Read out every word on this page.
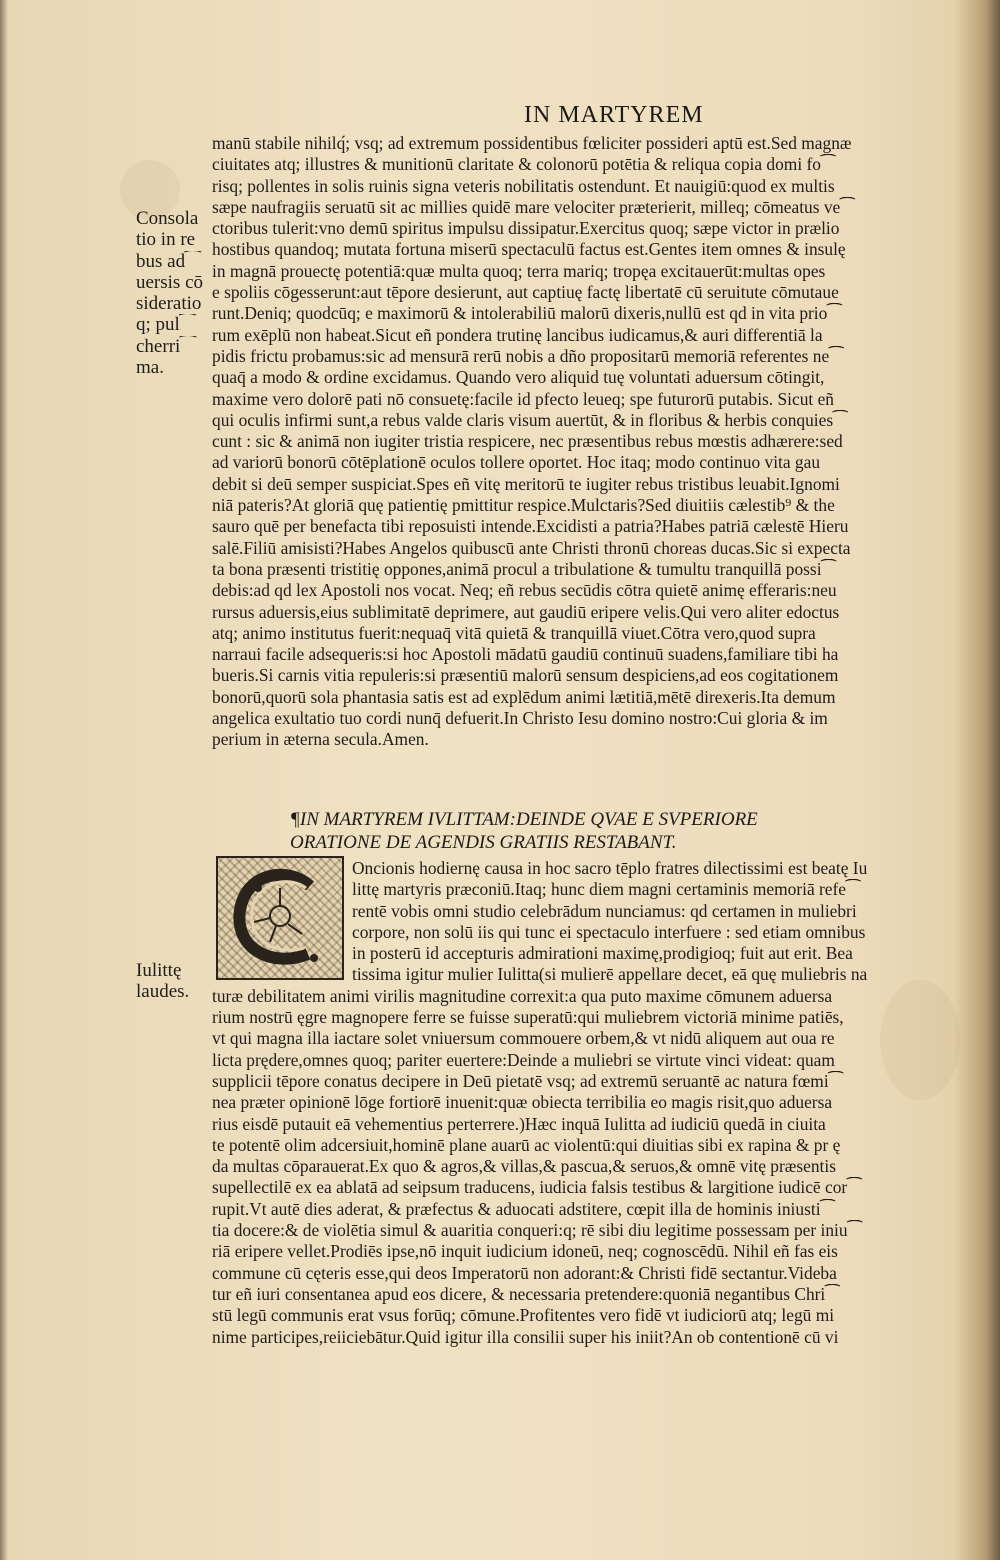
IN MARTYREM
manū stabile nihilq́; vsq; ad extremum possidentibus fœliciter possideri aptū est.Sed magnæ
ciuitates atq; illustres & munitionū claritate & colonorū potētia & reliqua copia domi fo⁀
risq; pollentes in solis ruinis signa veteris nobilitatis ostendunt. Et nauigiū:quod ex multis
sæpe naufragiis seruatū sit ac millies quidē mare velociter præterierit, milleq; cōmeatus ve⁀
ctoribus tulerit:vno demū spiritus impulsu dissipatur.Exercitus quoq; sæpe victor in prælio
hostibus quandoq; mutata fortuna miserū spectaculū factus est.Gentes item omnes & insulę
in magnā prouectę potentiā:quæ multa quoq; terra mariq; tropęa excitauerūt:multas opes
e spoliis cōgesserunt:aut tēpore desierunt, aut captiuę factę libertatē cū seruitute cōmutaue
runt.Deniq; quodcūq; e maximorū & intolerabiliū malorū dixeris,nullū est qd in vita prio⁀
rum exēplū non habeat.Sicut eñ pondera trutinę lancibus iudicamus,& auri differentiā la
pidis frictu probamus:sic ad mensurā rerū nobis a dño propositarū memoriā referentes ne⁀
quaq̄ a modo & ordine excidamus. Quando vero aliquid tuę voluntati aduersum cōtingit,
maxime vero dolorē pati nō consuetę:facile id pfecto leueq; spe futurorū putabis. Sicut eñ
qui oculis infirmi sunt,a rebus valde claris visum auertūt, & in floribus & herbis conquies⁀
cunt : sic & animā non iugiter tristia respicere, nec præsentibus rebus mœstis adhærere:sed
ad variorū bonorū cōtēplationē oculos tollere oportet. Hoc itaq; modo continuo vita gau
debit si deū semper suspiciat.Spes eñ vitę meritorū te iugiter rebus tristibus leuabit.Ignomi
niā pateris?At gloriā quę patientię pmittitur respice.Mulctaris?Sed diuitiis cælestib⁹ & the
sauro quē per benefacta tibi reposuisti intende.Excidisti a patria?Habes patriā cælestē Hieru
salē.Filiū amisisti?Habes Angelos quibuscū ante Christi thronū choreas ducas.Sic si expecta
ta bona præsenti tristitię oppones,animā procul a tribulatione & tumultu tranquillā possi⁀
debis:ad qd lex Apostoli nos vocat. Neq; eñ rebus secūdis cōtra quietē animę efferaris:neu
rursus aduersis,eius sublimitatē deprimere, aut gaudiū eripere velis.Qui vero aliter edoctus
atq; animo institutus fuerit:nequaq̄ vitā quietā & tranquillā viuet.Cōtra vero,quod supra
narraui facile adsequeris:si hoc Apostoli mādatū gaudiū continuū suadens,familiare tibi ha
bueris.Si carnis vitia repuleris:si præsentiū malorū sensum despiciens,ad eos cogitationem
bonorū,quorū sola phantasia satis est ad explēdum animi lætitiā,mētē direxeris.Ita demum
angelica exultatio tuo cordi nunq̄ defuerit.In Christo Iesu domino nostro:Cui gloria & im
perium in æterna secula.Amen.
Consola
tio in re
bus ad⁀
uersis cō
sideratio
q; pul⁀
cherri⁀
ma.
¶IN MARTYREM IVLITTAM:DEINDE QVAE E SVPERIORE
ORATIONE DE AGENDIS GRATIIS RESTABANT.
Oncionis hodiernę causa in hoc sacro tēplo fratres dilectissimi est beatę Iu
littę martyris præconiū.Itaq; hunc diem magni certaminis memoriā refe⁀
rentē vobis omni studio celebrādum nunciamus: qd certamen in muliebri
corpore, non solū iis qui tunc ei spectaculo interfuere : sed etiam omnibus
in posterū id accepturis admirationi maximę,prodigioq; fuit aut erit. Bea
tissima igitur mulier Iulitta(si mulierē appellare decet, eā quę muliebris na
turæ debilitatem animi virilis magnitudine correxit:a qua puto maxime cōmunem aduersa
rium nostrū ęgre magnopere ferre se fuisse superatū:qui muliebrem victoriā minime patiēs,
vt qui magna illa iactare solet vniuersum commouere orbem,& vt nidū aliquem aut oua re
licta prędere,omnes quoq; pariter euertere:Deinde a muliebri se virtute vinci videat: quam
supplicii tēpore conatus decipere in Deū pietatē vsq; ad extremū seruantē ac natura fœmi⁀
nea præter opinionē lōge fortiorē inuenit:quæ obiecta terribilia eo magis risit,quo aduersa
rius eisdē putauit eā vehementius perterrere.)Hæc inquā Iulitta ad iudiciū quedā in ciuita
te potentē olim adcersiuit,hominē plane auarū ac violentū:qui diuitias sibi ex rapina & pr ę
da multas cōparauerat.Ex quo & agros,& villas,& pascua,& seruos,& omnē vitę præsentis
supellectilē ex ea ablatā ad seipsum traducens, iudicia falsis testibus & largitione iudicē cor⁀
rupit.Vt autē dies aderat, & præfectus & aduocati adstitere, cœpit illa de hominis iniusti⁀
tia docere:& de violētia simul & auaritia conqueri:q; rē sibi diu legitime possessam per iniu⁀
riā eripere vellet.Prodiēs ipse,nō inquit iudicium idoneū, neq; cognoscēdū. Nihil eñ fas eis
commune cū cęteris esse,qui deos Imperatorū non adorant:& Christi fidē sectantur.Videba
tur eñ iuri consentanea apud eos dicere, & necessaria pretendere:quoniā negantibus Chri⁀
stū legū communis erat vsus forūq; cōmune.Profitentes vero fidē vt iudiciorū atq; legū mi
nime participes,reiiciebātur.Quid igitur illa consilii super his iniit?An ob contentionē cū vi
Iulittę
laudes.
